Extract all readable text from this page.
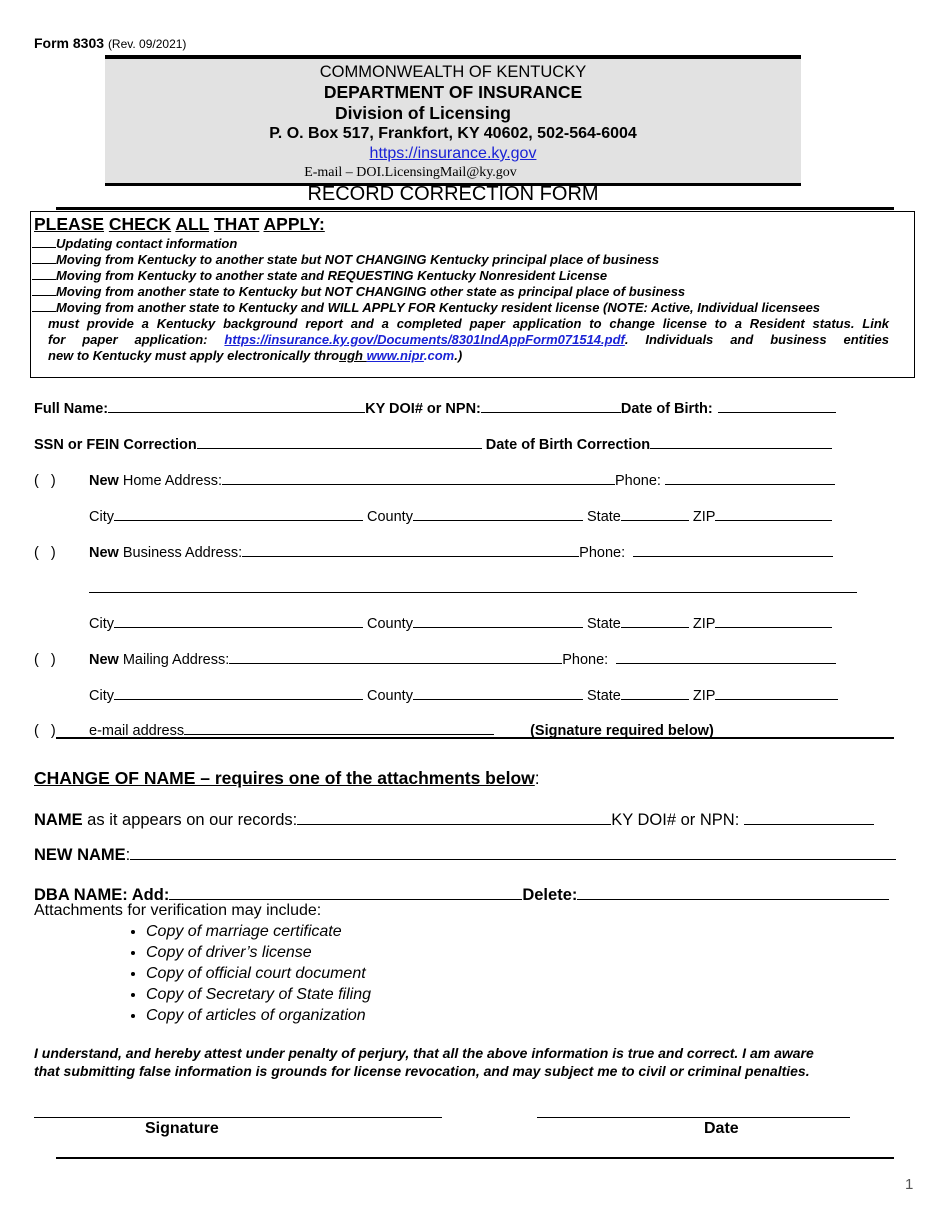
Form 8303 (Rev. 09/2021)
COMMONWEALTH OF KENTUCKY
DEPARTMENT OF INSURANCE
Division of Licensing
P. O. Box 517, Frankfort, KY 40602, 502-564-6004
https://insurance.ky.gov
E-mail – DOI.LicensingMail@ky.gov
RECORD CORRECTION FORM
PLEASE CHECK ALL THAT APPLY:
Updating contact information
Moving from Kentucky to another state but NOT CHANGING Kentucky principal place of business
Moving from Kentucky to another state and REQUESTING Kentucky Nonresident License
Moving from another state to Kentucky but NOT CHANGING other state as principal place of business
Moving from another state to Kentucky and WILL APPLY FOR Kentucky resident license (NOTE: Active, Individual licensees
must provide a Kentucky background report and a completed paper application to change license to a Resident status. Link
for paper application: https://insurance.ky.gov/Documents/8301IndAppForm071514.pdf. Individuals and business entities
new to Kentucky must apply electronically through www.nipr.com.)
Full Name:	KY DOI# or NPN:	Date of Birth:
SSN or FEIN Correction	Date of Birth Correction
(   ) New Home Address:	Phone:
City	County	State	ZIP
(   ) New Business Address:	Phone:
City	County	State	ZIP
(   ) New Mailing Address:	Phone:
City	County	State	ZIP
(   ) e-mail address	(Signature required below)
CHANGE OF NAME – requires one of the attachments below:
NAME as it appears on our records:	KY DOI# or NPN:
NEW NAME:
DBA NAME: Add:	Delete:
Attachments for verification may include:
• Copy of marriage certificate
• Copy of driver’s license
• Copy of official court document
• Copy of Secretary of State filing
• Copy of articles of organization
I understand, and hereby attest under penalty of perjury, that all the above information is true and correct. I am aware
that submitting false information is grounds for license revocation, and may subject me to civil or criminal penalties.
Signature	Date
1
